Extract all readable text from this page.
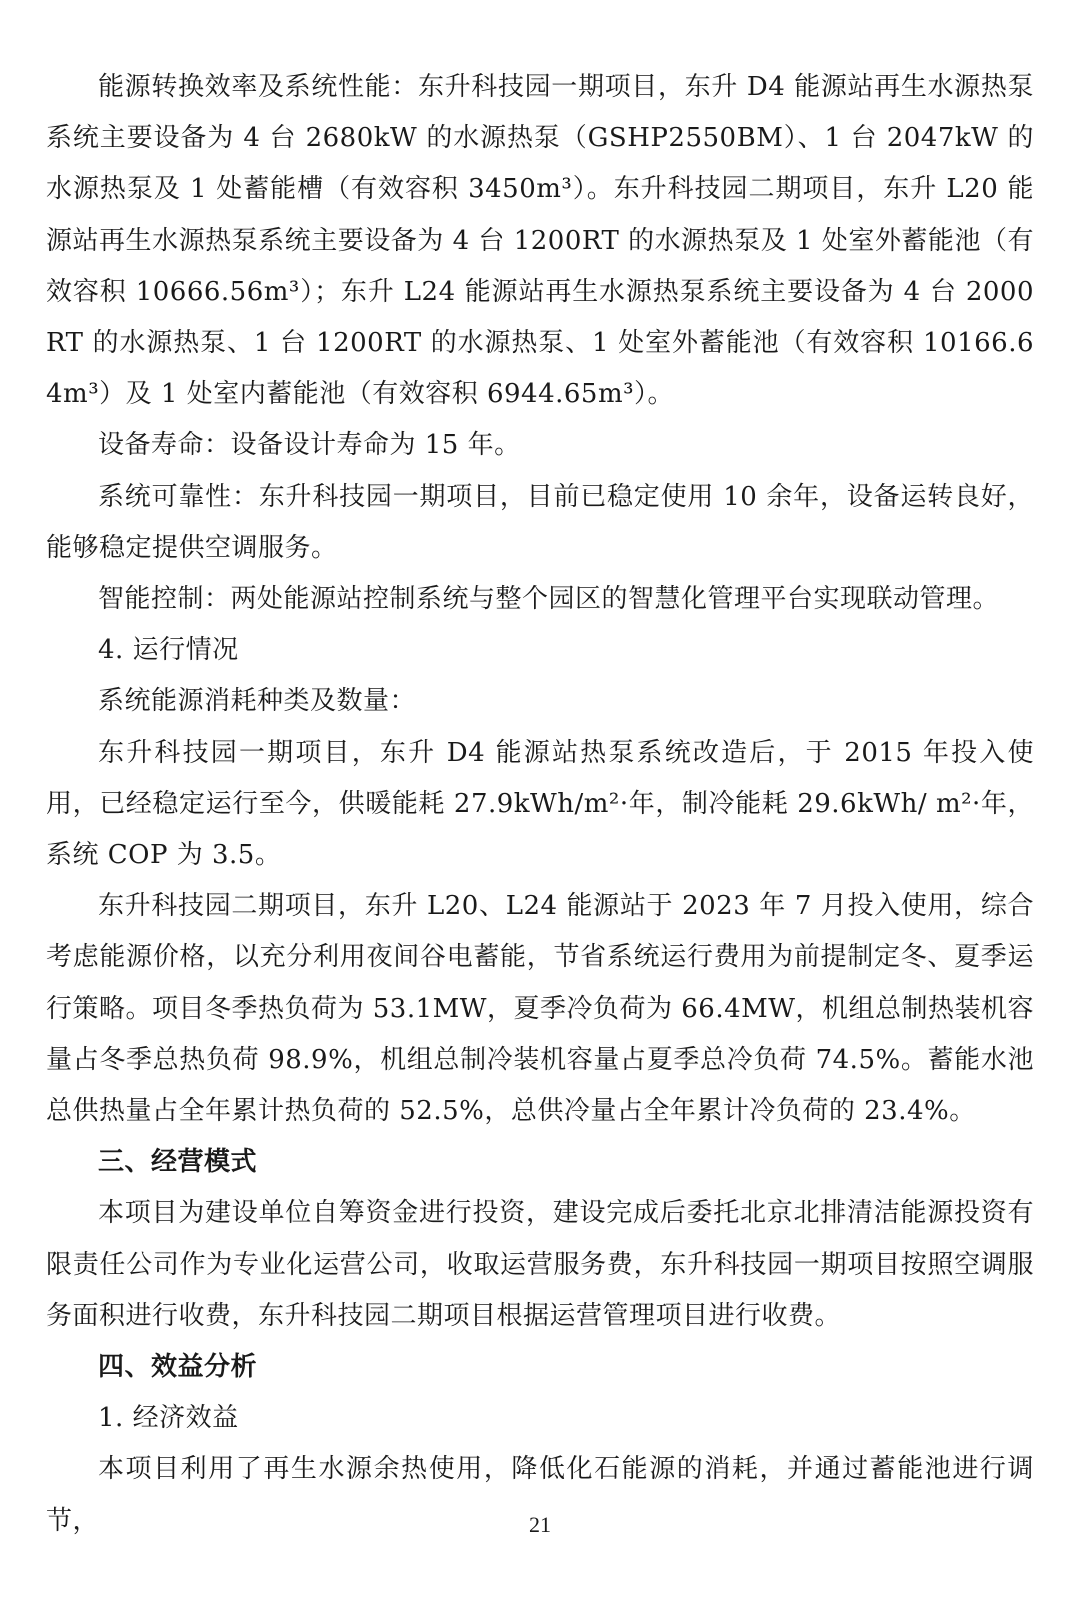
能源转换效率及系统性能：东升科技园一期项目，东升 D4 能源站再生水源热泵系统主要设备为 4 台 2680kW 的水源热泵（GSHP2550BM）、1 台 2047kW 的水源热泵及 1 处蓄能槽（有效容积 3450m³）。东升科技园二期项目，东升 L20 能源站再生水源热泵系统主要设备为 4 台 1200RT 的水源热泵及 1 处室外蓄能池（有效容积 10666.56m³）；东升 L24 能源站再生水源热泵系统主要设备为 4 台 2000RT 的水源热泵、1 台 1200RT 的水源热泵、1 处室外蓄能池（有效容积 10166.64m³）及 1 处室内蓄能池（有效容积 6944.65m³）。

设备寿命：设备设计寿命为 15 年。

系统可靠性：东升科技园一期项目，目前已稳定使用 10 余年，设备运转良好，能够稳定提供空调服务。

智能控制：两处能源站控制系统与整个园区的智慧化管理平台实现联动管理。

4. 运行情况

系统能源消耗种类及数量：

东升科技园一期项目，东升 D4 能源站热泵系统改造后，于 2015 年投入使用，已经稳定运行至今，供暖能耗 27.9kWh/m²·年，制冷能耗 29.6kWh/ m²·年，系统 COP 为 3.5。

东升科技园二期项目，东升 L20、L24 能源站于 2023 年 7 月投入使用，综合考虑能源价格，以充分利用夜间谷电蓄能，节省系统运行费用为前提制定冬、夏季运行策略。项目冬季热负荷为 53.1MW，夏季冷负荷为 66.4MW，机组总制热装机容量占冬季总热负荷 98.9%，机组总制冷装机容量占夏季总冷负荷 74.5%。蓄能水池总供热量占全年累计热负荷的 52.5%，总供冷量占全年累计冷负荷的 23.4%。

三、经营模式

本项目为建设单位自筹资金进行投资，建设完成后委托北京北排清洁能源投资有限责任公司作为专业化运营公司，收取运营服务费，东升科技园一期项目按照空调服务面积进行收费，东升科技园二期项目根据运营管理项目进行收费。

四、效益分析

1. 经济效益

本项目利用了再生水源余热使用，降低化石能源的消耗，并通过蓄能池进行调节，	21
